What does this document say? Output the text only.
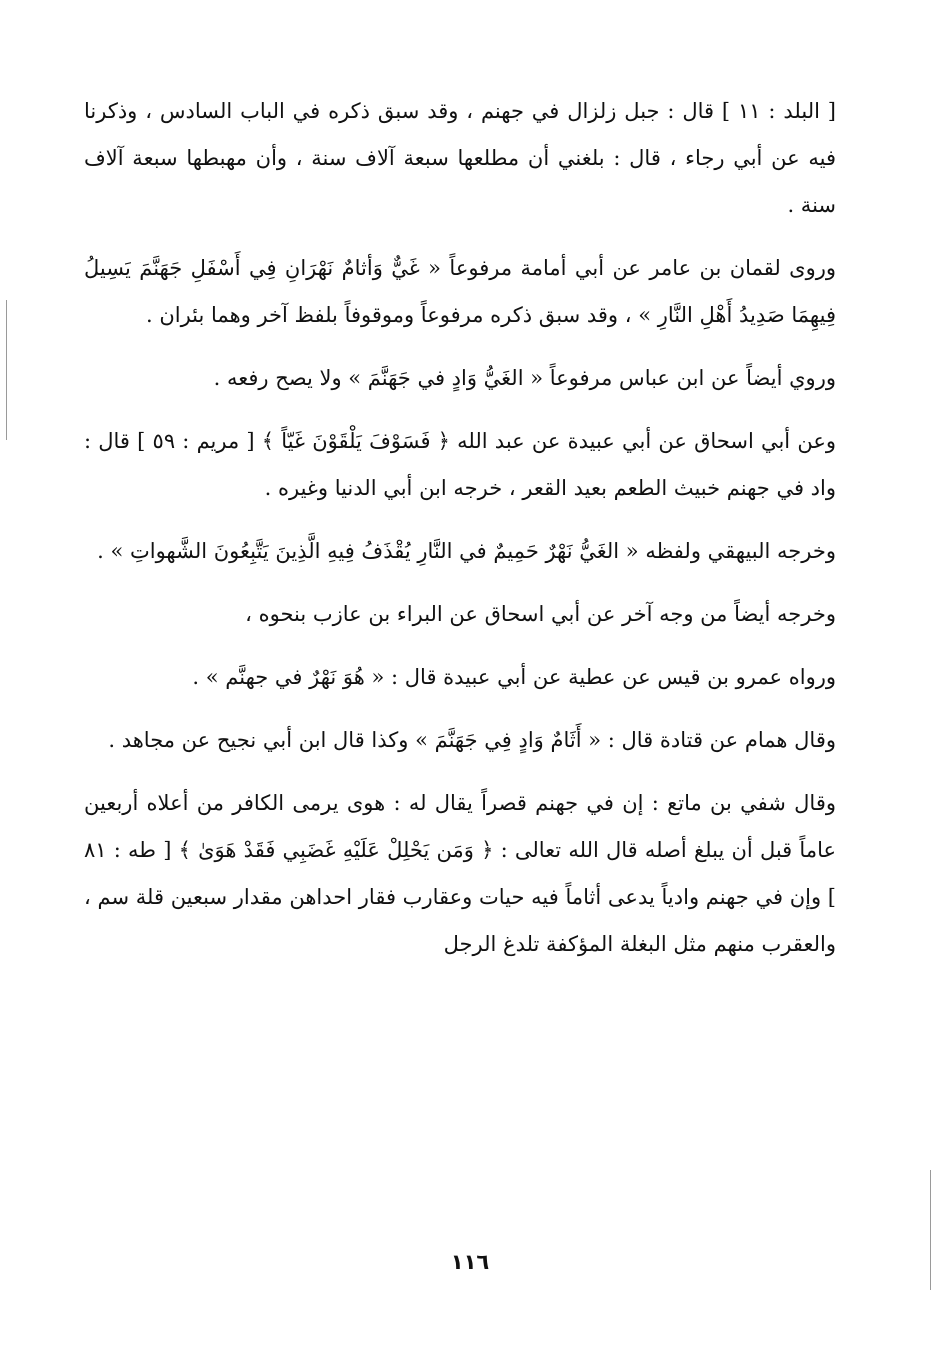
[ البلد : ١١ ] قال : جبل زلزال في جهنم ، وقد سبق ذكره في الباب السادس ، وذكرنا فيه عن أبي رجاء ، قال : بلغني أن مطلعها سبعة آلاف سنة ، وأن مهبطها سبعة آلاف سنة .

وروى لقمان بن عامر عن أبي أمامة مرفوعاً « غَيٌّ وَأثامٌ نَهْرَانِ فِي أَسْفَلِ جَهَنَّمَ يَسِيلُ فِيهِمَا صَدِيدُ أَهْلِ النَّارِ » ، وقد سبق ذكره مرفوعاً وموقوفاً بلفظ آخر وهما بئران .

وروي أيضاً عن ابن عباس مرفوعاً « الغَيُّ وَادٍ في جَهَنَّمَ » ولا يصح رفعه .

وعن أبي اسحاق عن أبي عبيدة عن عبد الله ﴿ فَسَوْفَ يَلْقَوْنَ غَيّاً ﴾ [ مريم : ٥٩ ] قال : واد في جهنم خبيث الطعم بعيد القعر ، خرجه ابن أبي الدنيا وغيره .

وخرجه البيهقي ولفظه « الغَيُّ نَهْرٌ حَمِيمٌ في النَّارِ يُقْذَفُ فِيهِ الَّذِينَ يَتَّبِعُونَ الشَّهواتِ » .

وخرجه أيضاً من وجه آخر عن أبي اسحاق عن البراء بن عازب بنحوه ،

ورواه عمرو بن قيس عن عطية عن أبي عبيدة قال : « هُوَ نَهْرٌ في جهنَّم » .

وقال همام عن قتادة قال : « أَثَامٌ وَادٍ فِي جَهَنَّمَ » وكذا قال ابن أبي نجيح عن مجاهد .

وقال شفي بن ماتع : إن في جهنم قصراً يقال له : هوى يرمى الكافر من أعلاه أربعين عاماً قبل أن يبلغ أصله قال الله تعالى : ﴿ وَمَن يَحْلِلْ عَلَيْهِ غَضَبِي فَقَدْ هَوَىٰ ﴾ [ طه : ٨١ ] وإن في جهنم وادياً يدعى أثاماً فيه حيات وعقارب فقار احداهن مقدار سبعين قلة سم ، والعقرب منهم مثل البغلة المؤكفة تلدغ الرجل

١١٦
